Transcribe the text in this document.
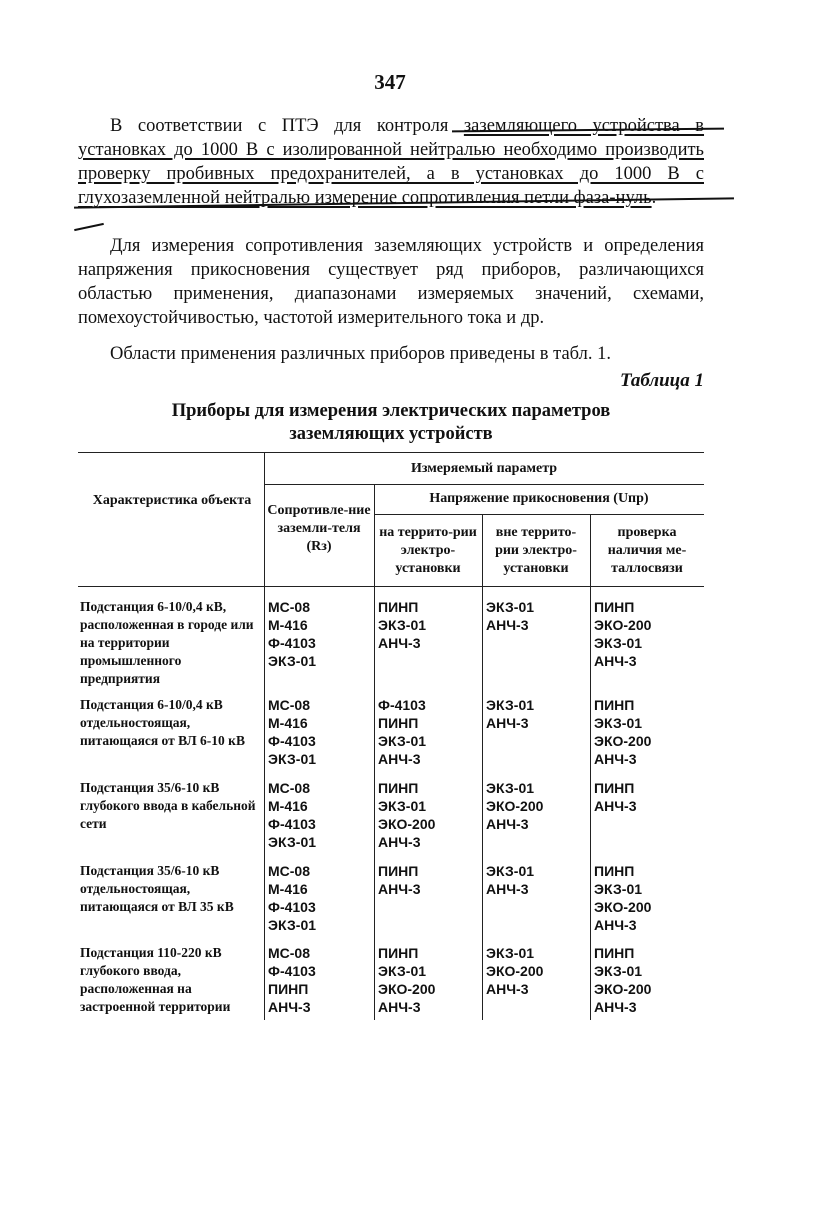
347
В соответствии с ПТЭ для контроля заземляющего устройства в установках до 1000 В с изолированной нейтралью необходимо производить проверку пробивных предохранителей, а в установках до 1000 В с глухозаземленной нейтралью измерение сопротивления петли фаза-нуль.
Для измерения сопротивления заземляющих устройств и определения напряжения прикосновения существует ряд приборов, различающихся областью применения, диапазонами измеряемых значений, схемами, помехоустойчивостью, частотой измерительного тока и др.
Области применения различных приборов приведены в табл. 1.
Таблица 1
Приборы для измерения электрических параметров
заземляющих устройств
Характеристика объекта
Измеряемый параметр
Сопротивле-ние заземли-теля (Rз)
Напряжение прикосновения (Uпр)
на террито-рии электро-установки
вне террито-рии электро-установки
проверка наличия ме-таллосвязи
Подстанция 6-10/0,4 кВ, расположенная в городе или на территории промышленного предприятия
МС-08
М-416
Ф-4103
ЭКЗ-01
ПИНП
ЭКЗ-01
АНЧ-3
ЭКЗ-01
АНЧ-3
ПИНП
ЭКО-200
ЭКЗ-01
АНЧ-3
Подстанция 6-10/0,4 кВ отдельностоящая, питающаяся от ВЛ 6-10 кВ
МС-08
М-416
Ф-4103
ЭКЗ-01
Ф-4103
ПИНП
ЭКЗ-01
АНЧ-3
ЭКЗ-01
АНЧ-3
ПИНП
ЭКЗ-01
ЭКО-200
АНЧ-3
Подстанция 35/6-10 кВ глубокого ввода в кабельной сети
МС-08
М-416
Ф-4103
ЭКЗ-01
ПИНП
ЭКЗ-01
ЭКО-200
АНЧ-3
ЭКЗ-01
ЭКО-200
АНЧ-3
ПИНП
АНЧ-3
Подстанция 35/6-10 кВ отдельностоящая, питающаяся от ВЛ 35 кВ
МС-08
М-416
Ф-4103
ЭКЗ-01
ПИНП
АНЧ-3
ЭКЗ-01
АНЧ-3
ПИНП
ЭКЗ-01
ЭКО-200
АНЧ-3
Подстанция 110-220 кВ глубокого ввода, расположенная на застроенной территории
МС-08
Ф-4103
ПИНП
АНЧ-3
ПИНП
ЭКЗ-01
ЭКО-200
АНЧ-3
ЭКЗ-01
ЭКО-200
АНЧ-3
ПИНП
ЭКЗ-01
ЭКО-200
АНЧ-3
